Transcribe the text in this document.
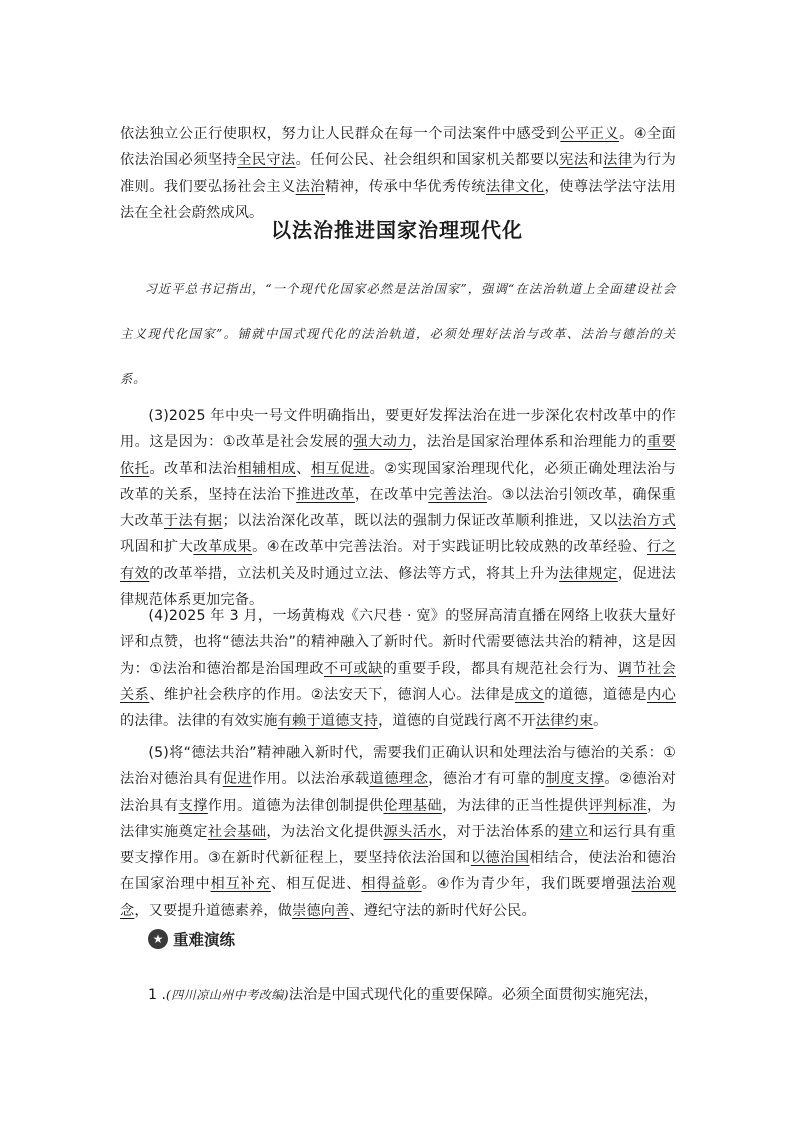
依法独立公正行使职权，努力让人民群众在每一个司法案件中感受到公平正义。④全面依法治国必须坚持全民守法。任何公民、社会组织和国家机关都要以宪法和法律为行为准则。我们要弘扬社会主义法治精神，传承中华优秀传统法律文化，使尊法学法守法用法在全社会蔚然成风。

以法治推进国家治理现代化
习近平总书记指出，“一个现代化国家必然是法治国家”，强调“在法治轨道上全面建设社会主义现代化国家”。铺就中国式现代化的法治轨道，必须处理好法治与改革、法治与德治的关系。
(3)2025 年中央一号文件明确指出，要更好发挥法治在进一步深化农村改革中的作用。这是因为：①改革是社会发展的强大动力，法治是国家治理体系和治理能力的重要依托。改革和法治相辅相成、相互促进。②实现国家治理现代化，必须正确处理法治与改革的关系，坚持在法治下推进改革，在改革中完善法治。③以法治引领改革，确保重大改革于法有据；以法治深化改革，既以法的强制力保证改革顺利推进，又以法治方式巩固和扩大改革成果。④在改革中完善法治。对于实践证明比较成熟的改革经验、行之有效的改革举措，立法机关及时通过立法、修法等方式，将其上升为法律规定，促进法律规范体系更加完备。
(4)2025 年 3 月，一场黄梅戏《六尺巷 · 宽》的竖屏高清直播在网络上收获大量好评和点赞，也将“德法共治”的精神融入了新时代。新时代需要德法共治的精神，这是因为：①法治和德治都是治国理政不可或缺的重要手段，都具有规范社会行为、调节社会关系、维护社会秩序的作用。②法安天下，德润人心。法律是成文的道德，道德是内心的法律。法律的有效实施有赖于道德支持，道德的自觉践行离不开法律约束。
(5)将“德法共治”精神融入新时代，需要我们正确认识和处理法治与德治的关系：①法治对德治具有促进作用。以法治承载道德理念，德治才有可靠的制度支撑。②德治对法治具有支撑作用。道德为法律创制提供伦理基础，为法律的正当性提供评判标准，为法律实施奠定社会基础，为法治文化提供源头活水，对于法治体系的建立和运行具有重要支撑作用。③在新时代新征程上，要坚持依法治国和以德治国相结合，使法治和德治在国家治理中相互补充、相互促进、相得益彰。④作为青少年，我们既要增强法治观念，又要提升道德素养，做崇德向善、遵纪守法的新时代好公民。
★ 重难演练
1 .(四川凉山州中考改编)法治是中国式现代化的重要保障。必须全面贯彻实施宪法，
